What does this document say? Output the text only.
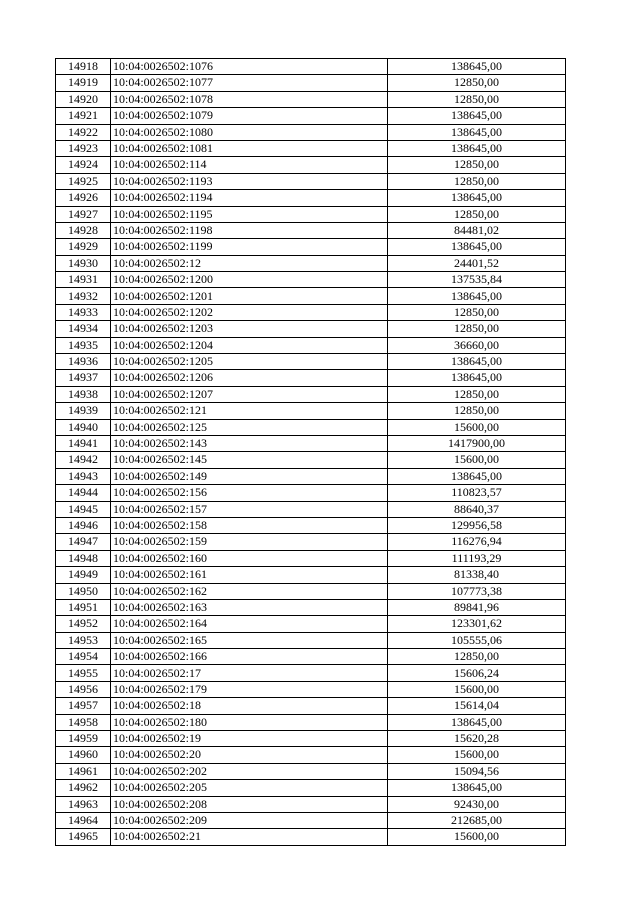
14918	10:04:0026502:1076	138645,00
14919	10:04:0026502:1077	12850,00
14920	10:04:0026502:1078	12850,00
14921	10:04:0026502:1079	138645,00
14922	10:04:0026502:1080	138645,00
14923	10:04:0026502:1081	138645,00
14924	10:04:0026502:114	12850,00
14925	10:04:0026502:1193	12850,00
14926	10:04:0026502:1194	138645,00
14927	10:04:0026502:1195	12850,00
14928	10:04:0026502:1198	84481,02
14929	10:04:0026502:1199	138645,00
14930	10:04:0026502:12	24401,52
14931	10:04:0026502:1200	137535,84
14932	10:04:0026502:1201	138645,00
14933	10:04:0026502:1202	12850,00
14934	10:04:0026502:1203	12850,00
14935	10:04:0026502:1204	36660,00
14936	10:04:0026502:1205	138645,00
14937	10:04:0026502:1206	138645,00
14938	10:04:0026502:1207	12850,00
14939	10:04:0026502:121	12850,00
14940	10:04:0026502:125	15600,00
14941	10:04:0026502:143	1417900,00
14942	10:04:0026502:145	15600,00
14943	10:04:0026502:149	138645,00
14944	10:04:0026502:156	110823,57
14945	10:04:0026502:157	88640,37
14946	10:04:0026502:158	129956,58
14947	10:04:0026502:159	116276,94
14948	10:04:0026502:160	111193,29
14949	10:04:0026502:161	81338,40
14950	10:04:0026502:162	107773,38
14951	10:04:0026502:163	89841,96
14952	10:04:0026502:164	123301,62
14953	10:04:0026502:165	105555,06
14954	10:04:0026502:166	12850,00
14955	10:04:0026502:17	15606,24
14956	10:04:0026502:179	15600,00
14957	10:04:0026502:18	15614,04
14958	10:04:0026502:180	138645,00
14959	10:04:0026502:19	15620,28
14960	10:04:0026502:20	15600,00
14961	10:04:0026502:202	15094,56
14962	10:04:0026502:205	138645,00
14963	10:04:0026502:208	92430,00
14964	10:04:0026502:209	212685,00
14965	10:04:0026502:21	15600,00
